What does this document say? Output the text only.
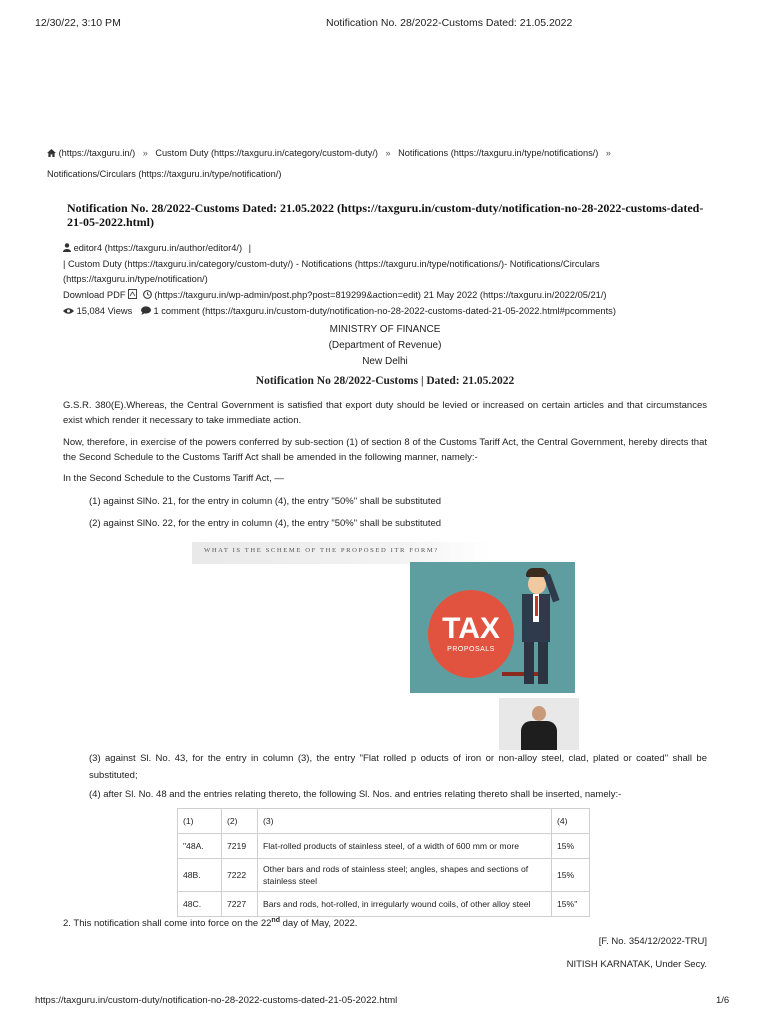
12/30/22, 3:10 PM	Notification No. 28/2022-Customs Dated: 21.05.2022
(https://taxguru.in/) » Custom Duty (https://taxguru.in/category/custom-duty/) » Notifications (https://taxguru.in/type/notifications/) »
Notifications/Circulars (https://taxguru.in/type/notification/)
Notification No. 28/2022-Customs Dated: 21.05.2022 (https://taxguru.in/custom-duty/notification-no-28-2022-customs-dated-21-05-2022.html)
editor4 (https://taxguru.in/author/editor4/) |
| Custom Duty (https://taxguru.in/category/custom-duty/) - Notifications (https://taxguru.in/type/notifications/)- Notifications/Circulars
(https://taxguru.in/type/notification/)
Download PDF	(https://taxguru.in/wp-admin/post.php?post=819299&action=edit) 21 May 2022 (https://taxguru.in/2022/05/21/)
15,084 Views 1 comment (https://taxguru.in/custom-duty/notification-no-28-2022-customs-dated-21-05-2022.html#pcomments)
MINISTRY OF FINANCE
(Department of Revenue)
New Delhi
Notification No 28/2022-Customs | Dated: 21.05.2022
G.S.R. 380(E).Whereas, the Central Government is satisfied that export duty should be levied or increased on certain articles and that circumstances exist which render it necessary to take immediate action.
Now, therefore, in exercise of the powers conferred by sub-section (1) of section 8 of the Customs Tariff Act, the Central Government, hereby directs that the Second Schedule to the Customs Tariff Act shall be amended in the following manner, namely:-
In the Second Schedule to the Customs Tariff Act, —
(1) against SlNo. 21, for the entry in column (4), the entry "50%" shall be substituted
(2) against SlNo. 22, for the entry in column (4), the entry "50%" shall be substituted
WHAT IS THE SCHEME OF THE PROPOSED ITR FORM?
TAX
PROPOSALS
(3) against Sl. No. 43, for the entry in column (3), the entry "Flat rolled p oducts of iron or non-alloy steel, clad, plated or coated" shall be substituted;
(4) after Sl. No. 48 and the entries relating thereto, the following Sl. Nos. and entries relating thereto shall be inserted, namely:-
(1)	(2)	(3)	(4)
"48A.	7219	Flat-rolled products of stainless steel, of a width of 600 mm or more	15%
48B.	7222	Other bars and rods of stainless steel; angles, shapes and sections of stainless steel	15%
48C.	7227	Bars and rods, hot-rolled, in irregularly wound coils, of other alloy steel	15%"
2. This notification shall come into force on the 22nd day of May, 2022.
[F. No. 354/12/2022-TRU]
NITISH KARNATAK, Under Secy.
https://taxguru.in/custom-duty/notification-no-28-2022-customs-dated-21-05-2022.html	1/6
